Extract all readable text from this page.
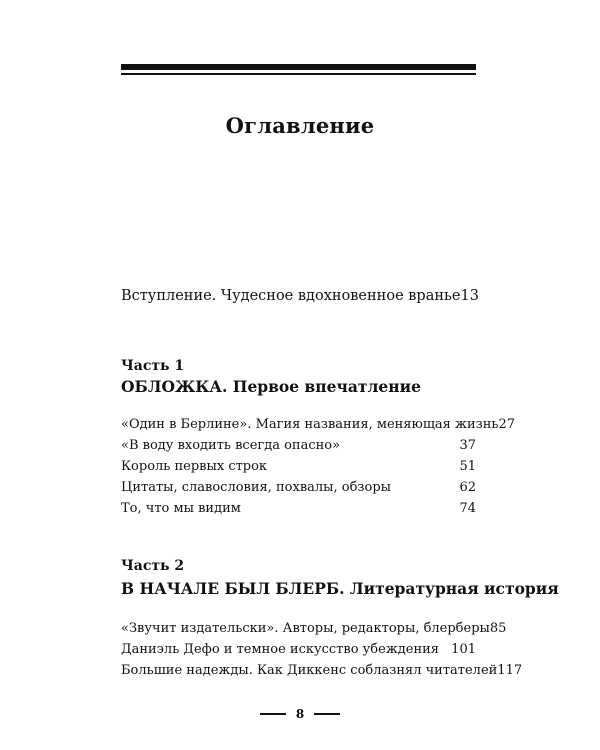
Оглавление
Вступление. Чудесное вдохновенное вранье 13
Часть 1
ОБЛОЖКА. Первое впечатление
«Один в Берлине». Магия названия, меняющая жизнь 27
«В воду входить всегда опасно»	37
Король первых строк	51
Цитаты, славословия, похвалы, обзоры	62
То, что мы видим	74
Часть 2
В НАЧАЛЕ БЫЛ БЛЕРБ. Литературная история
«Звучит издательски». Авторы, редакторы, блерберы 85
Даниэль Дефо и темное искусство убеждения 101
Большие надежды. Как Диккенс соблазнял читателей 117
8
